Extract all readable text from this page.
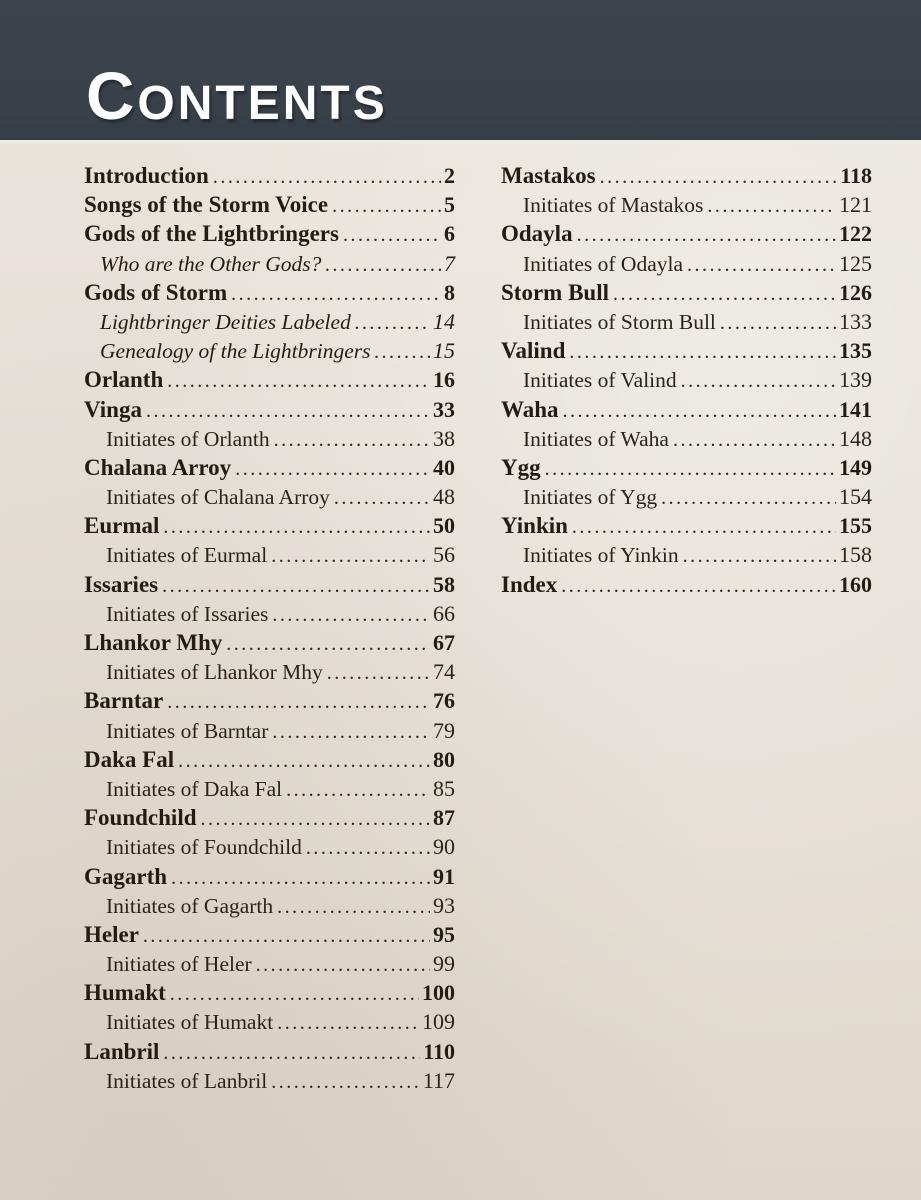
CONTENTS
Introduction .....	2
Songs of the Storm Voice .....	5
Gods of the Lightbringers .....	6
Who are the Other Gods? .....	7
Gods of Storm .....	8
Lightbringer Deities Labeled .....	14
Genealogy of the Lightbringers .....	15
Orlanth .....	16
Vinga .....	33
Initiates of Orlanth .....	38
Chalana Arroy .....	40
Initiates of Chalana Arroy .....	48
Eurmal .....	50
Initiates of Eurmal .....	56
Issaries .....	58
Initiates of Issaries .....	66
Lhankor Mhy .....	67
Initiates of Lhankor Mhy .....	74
Barntar .....	76
Initiates of Barntar .....	79
Daka Fal .....	80
Initiates of Daka Fal .....	85
Foundchild .....	87
Initiates of Foundchild .....	90
Gagarth .....	91
Initiates of Gagarth .....	93
Heler .....	95
Initiates of Heler .....	99
Humakt .....	100
Initiates of Humakt .....	109
Lanbril .....	110
Initiates of Lanbril .....	117
Mastakos .....	118
Initiates of Mastakos .....	121
Odayla .....	122
Initiates of Odayla .....	125
Storm Bull .....	126
Initiates of Storm Bull .....	133
Valind .....	135
Initiates of Valind .....	139
Waha .....	141
Initiates of Waha .....	148
Ygg .....	149
Initiates of Ygg .....	154
Yinkin .....	155
Initiates of Yinkin .....	158
Index .....	160
